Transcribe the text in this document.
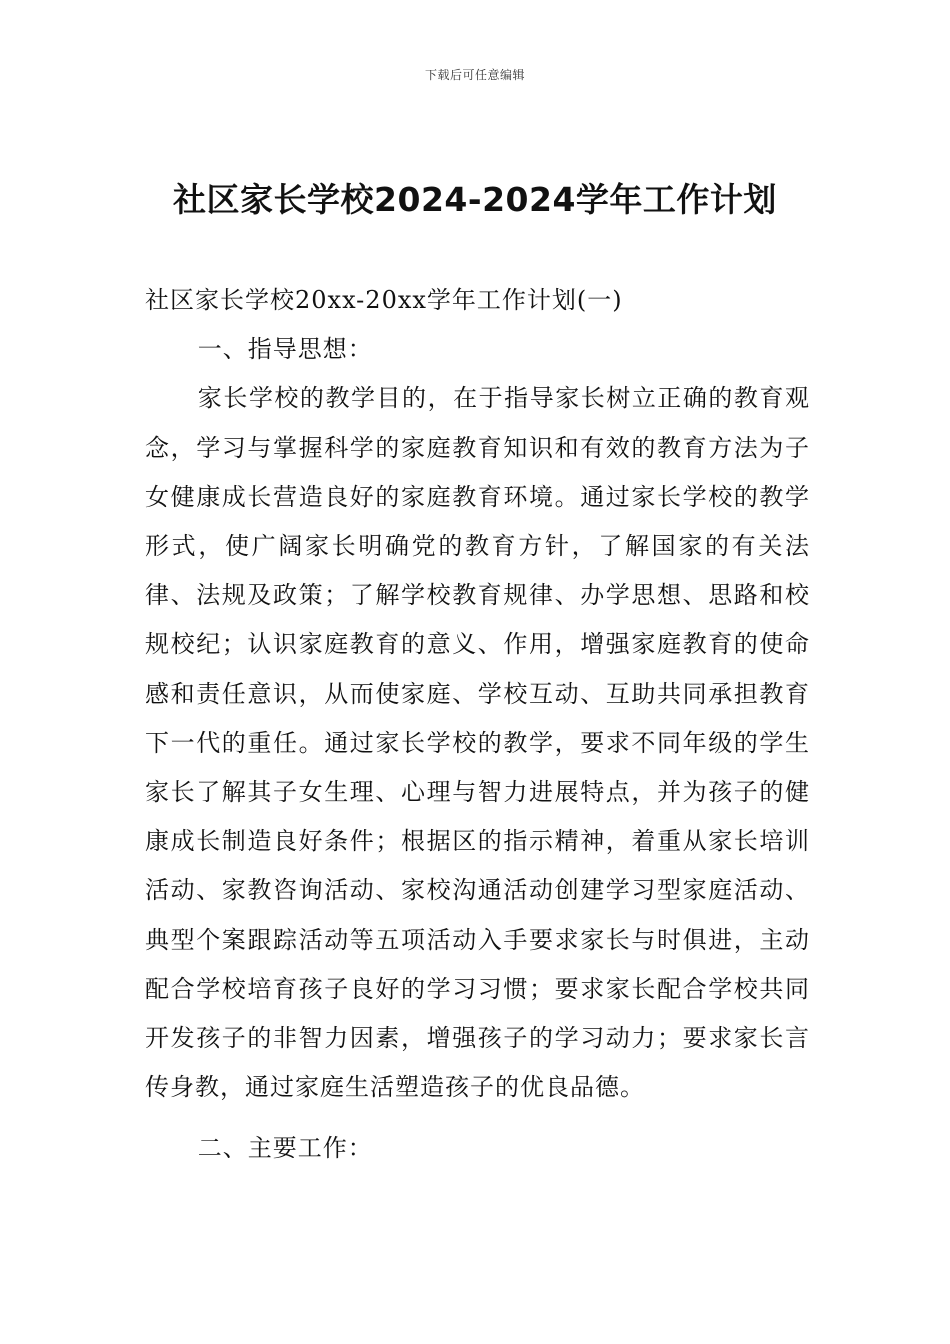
下载后可任意编辑
社区家长学校2024-2024学年工作计划

社区家长学校20xx-20xx学年工作计划(一)

一、指导思想：

家长学校的教学目的，在于指导家长树立正确的教育观念，学习与掌握科学的家庭教育知识和有效的教育方法为子女健康成长营造良好的家庭教育环境。通过家长学校的教学形式，使广阔家长明确党的教育方针，了解国家的有关法律、法规及政策；了解学校教育规律、办学思想、思路和校规校纪；认识家庭教育的意义、作用，增强家庭教育的使命感和责任意识，从而使家庭、学校互动、互助共同承担教育下一代的重任。通过家长学校的教学，要求不同年级的学生家长了解其子女生理、心理与智力进展特点，并为孩子的健康成长制造良好条件；根据区的指示精神，着重从家长培训活动、家教咨询活动、家校沟通活动创建学习型家庭活动、典型个案跟踪活动等五项活动入手要求家长与时俱进，主动配合学校培育孩子良好的学习习惯；要求家长配合学校共同开发孩子的非智力因素，增强孩子的学习动力；要求家长言传身教，通过家庭生活塑造孩子的优良品德。

二、主要工作：
